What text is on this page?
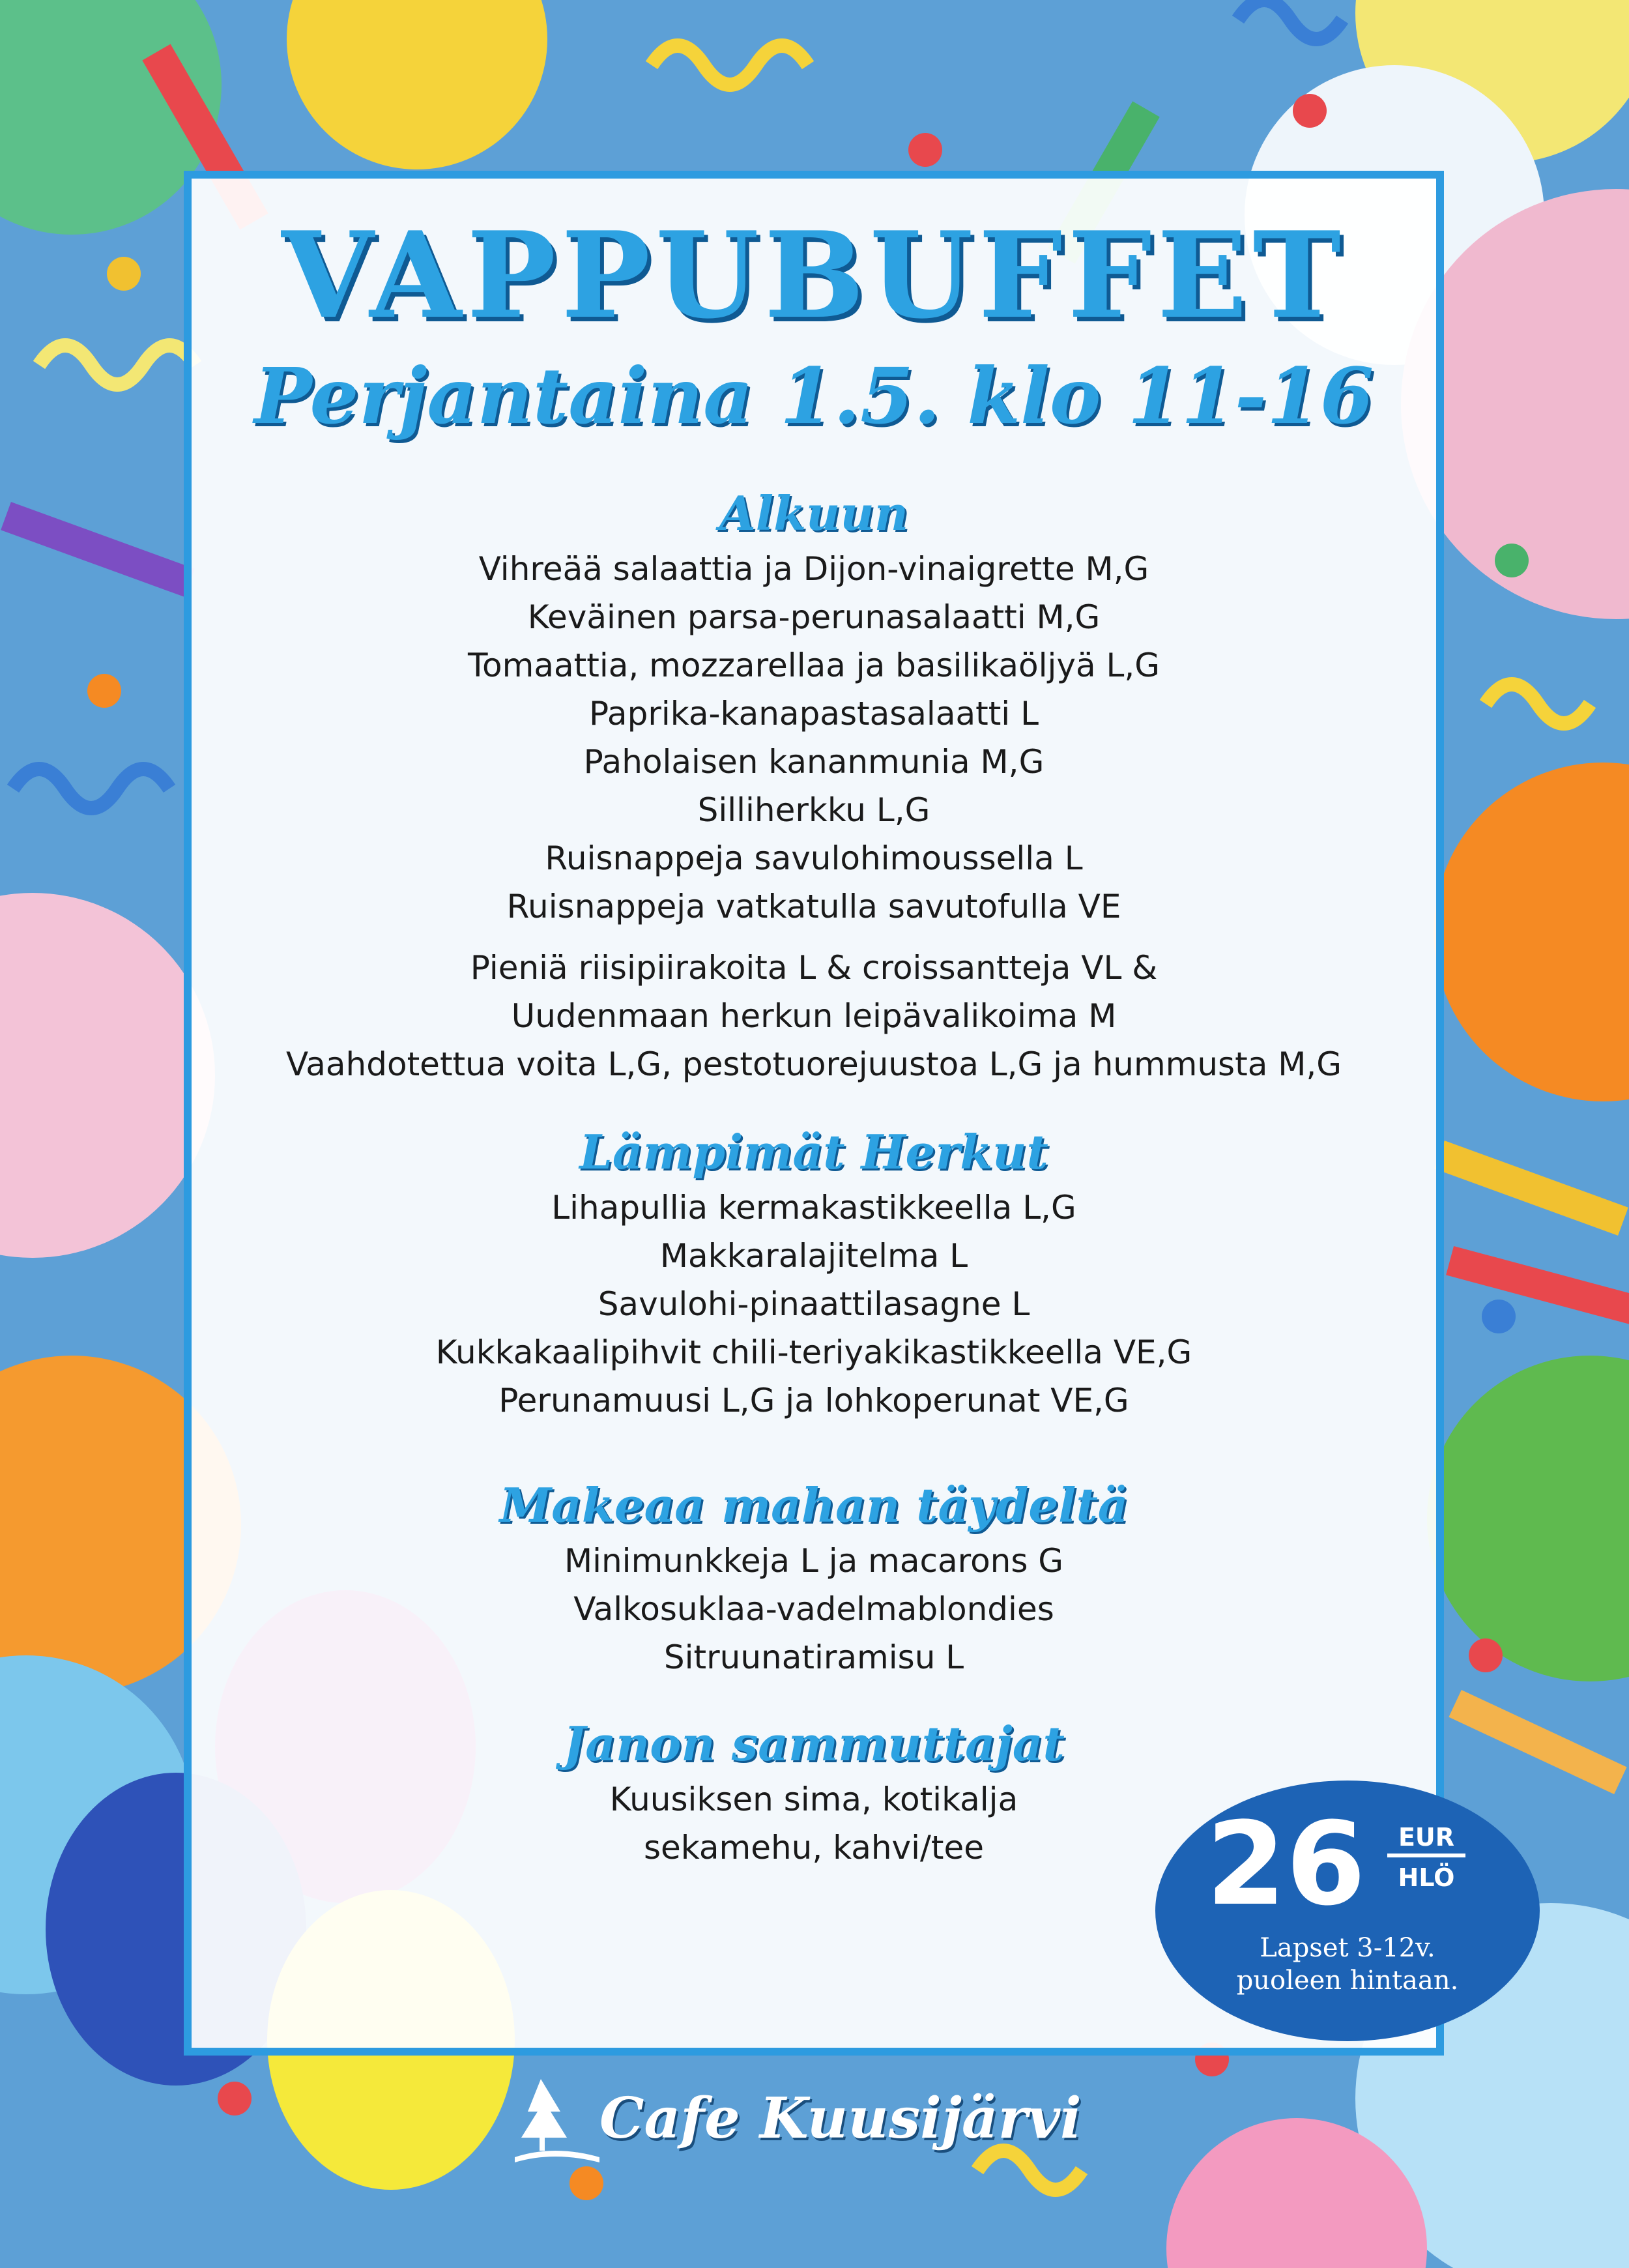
VAPPUBUFFET
Perjantaina 1.5. klo 11-16
Alkuun
Vihreää salaattia ja Dijon-vinaigrette M,G
Keväinen parsa-perunasalaatti M,G
Tomaattia, mozzarellaa ja basilikaöljyä L,G
Paprika-kanapastasalaatti L
Paholaisen kananmunia M,G
Silliherkku L,G
Ruisnappeja savulohimoussella L
Ruisnappeja vatkatulla savutofulla VE
Pieniä riisipiirakoita L & croissantteja VL &
Uudenmaan herkun leipävalikoima M
Vaahdotettua voita L,G, pestotuorejuustoa L,G ja hummusta M,G
Lämpimät Herkut
Lihapullia kermakastikkeella L,G
Makkaralajitelma L
Savulohi-pinaattilasagne L
Kukkakaalipihvit chili-teriyakikastikkeella VE,G
Perunamuusi L,G ja lohkoperunat VE,G
Makeaa mahan täydeltä
Minimunkkeja L ja macarons G
Valkosuklaa-vadelmablondies
Sitruunatiramisu L
Janon sammuttajat
Kuusiksen sima, kotikalja
sekamehu, kahvi/tee	26	EUR
HLÖ
Lapset 3-12v.
puoleen hintaan.
Cafe Kuusijärvi
